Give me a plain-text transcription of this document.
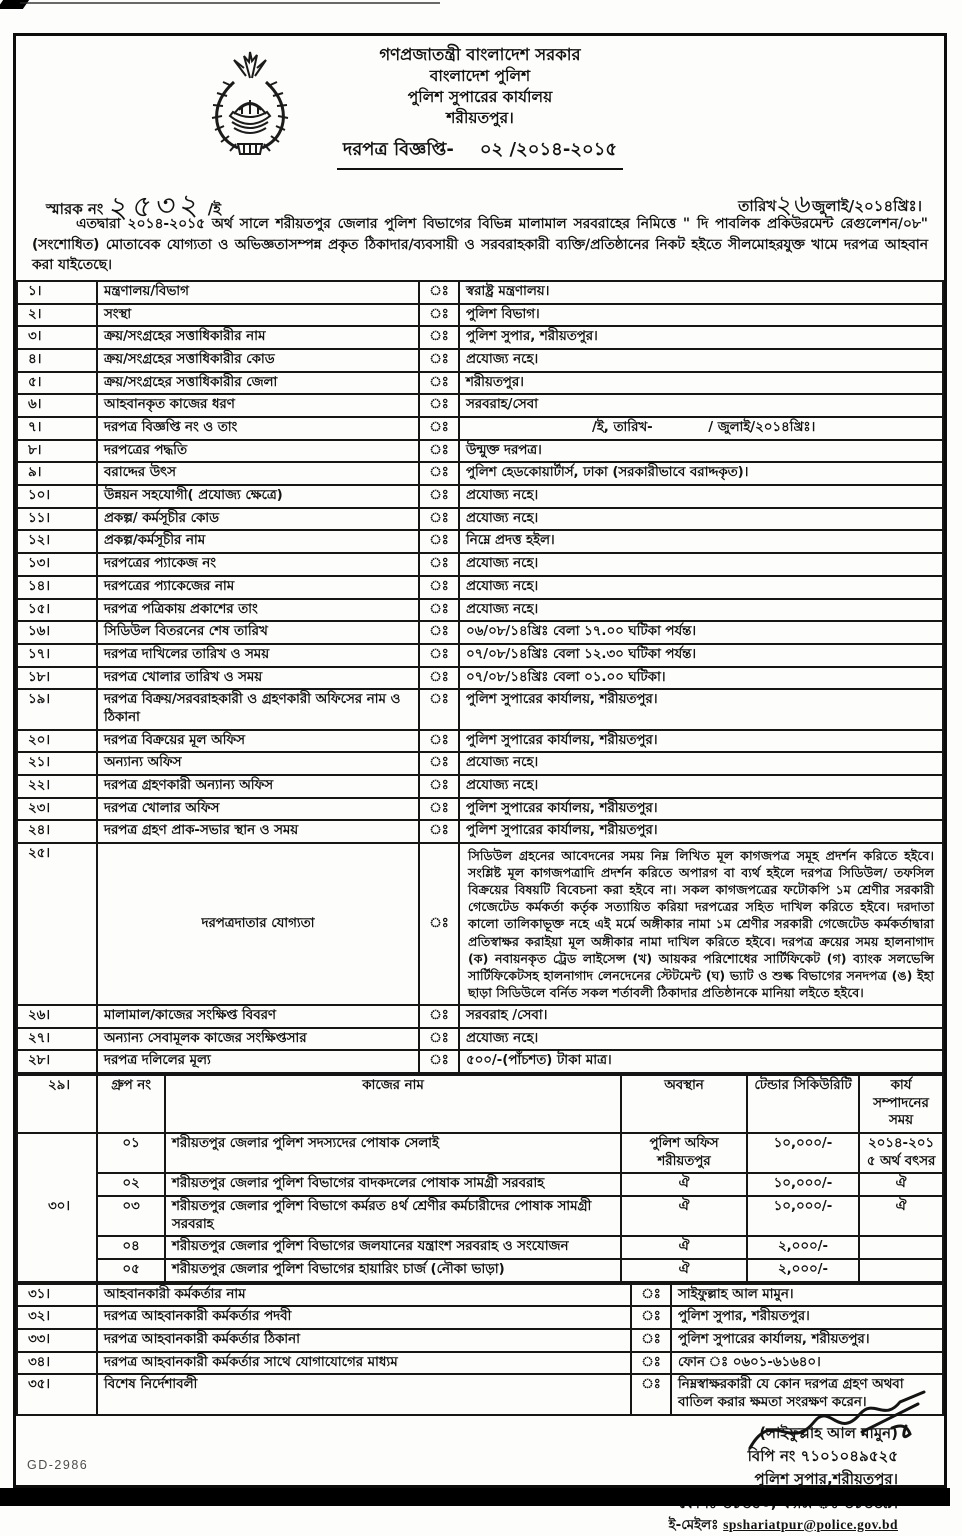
গণপ্রজাতন্ত্রী বাংলাদেশ সরকার
বাংলাদেশ পুলিশ
পুলিশ সুপারের কার্যালয়
শরীয়তপুর।
দরপত্র বিজ্ঞপ্তি- ০২ /২০১৪-২০১৫
স্মারক নং ২৫৩২ /ই	তারিখ২৬জুলাই/২০১৪খ্রিঃ।
এতদ্বারা ২০১৪-২০১৫ অর্থ সালে শরীয়তপুর জেলার পুলিশ বিভাগের বিভিন্ন মালামাল সরবরাহের নিমিত্তে " দি পাবলিক প্রকিউরমেন্ট রেগুলেশন/০৮" (সংশোধিত) মোতাবেক যোগ্যতা ও অভিজ্ঞতাসম্পন্ন প্রকৃত ঠিকাদার/ব্যবসায়ী ও সরবরাহকারী ব্যক্তি/প্রতিষ্ঠানের নিকট হইতে সীলমোহরযুক্ত খামে দরপত্র আহবান করা যাইতেছে।
১।	মন্ত্রণালয়/বিভাগ	ঃ	স্বরাষ্ট্র মন্ত্রণালয়।
২।	সংস্থা	ঃ	পুলিশ বিভাগ।
৩।	ক্রয়/সংগ্রহের সত্তাধিকারীর নাম	ঃ	পুলিশ সুপার, শরীয়তপুর।
৪।	ক্রয়/সংগ্রহের সত্তাধিকারীর কোড	ঃ	প্রযোজ্য নহে।
৫।	ক্রয়/সংগ্রহের সত্তাধিকারীর জেলা	ঃ	শরীয়তপুর।
৬।	আহবানকৃত কাজের ধরণ	ঃ	সরবরাহ/সেবা
৭।	দরপত্র বিজ্ঞপ্তি নং ও তাং	ঃ	/ই, তারিখ-            / জুলাই/২০১৪খ্রিঃ।
৮।	দরপত্রের পদ্ধতি	ঃ	উন্মুক্ত দরপত্র।
৯।	বরাদ্দের উৎস	ঃ	পুলিশ হেডকোয়ার্টার্স, ঢাকা (সরকারীভাবে বরাদ্দকৃত)।
১০।	উন্নয়ন সহযোগী( প্রযোজ্য ক্ষেত্রে)	ঃ	প্রযোজ্য নহে।
১১।	প্রকল্প/ কর্মসূচীর কোড	ঃ	প্রযোজ্য নহে।
১২।	প্রকল্প/কর্মসূচীর নাম	ঃ	নিম্নে প্রদত্ত হইল।
১৩।	দরপত্রের প্যাকেজ নং	ঃ	প্রযোজ্য নহে।
১৪।	দরপত্রের প্যাকেজের নাম	ঃ	প্রযোজ্য নহে।
১৫।	দরপত্র পত্রিকায় প্রকাশের তাং	ঃ	প্রযোজ্য নহে।
১৬।	সিডিউল বিতরনের শেষ তারিখ	ঃ	০৬/০৮/১৪খ্রিঃ বেলা ১৭.০০ ঘটিকা পর্যন্ত।
১৭।	দরপত্র দাখিলের তারিখ ও সময়	ঃ	০৭/০৮/১৪খ্রিঃ বেলা ১২.৩০ ঘটিকা পর্যন্ত।
১৮।	দরপত্র খোলার তারিখ ও সময়	ঃ	০৭/০৮/১৪খ্রিঃ বেলা ০১.০০ ঘটিকা।
১৯।	দরপত্র বিক্রয়/সরবরাহকারী ও গ্রহণকারী অফিসের নাম ও ঠিকানা	ঃ	পুলিশ সুপারের কার্যালয়, শরীয়তপুর।
২০।	দরপত্র বিক্রয়ের মূল অফিস	ঃ	পুলিশ সুপারের কার্যালয়, শরীয়তপুর।
২১।	অন্যান্য অফিস	ঃ	প্রযোজ্য নহে।
২২।	দরপত্র গ্রহণকারী অন্যান্য অফিস	ঃ	প্রযোজ্য নহে।
২৩।	দরপত্র খোলার অফিস	ঃ	পুলিশ সুপারের কার্যালয়, শরীয়তপুর।
২৪।	দরপত্র গ্রহণ প্রাক-সভার স্থান ও সময়	ঃ	পুলিশ সুপারের কার্যালয়, শরীয়তপুর।
২৫।	দরপত্রদাতার যোগ্যতা	ঃ	সিডিউল গ্রহনের আবেদনের সময় নিম্ন লিখিত মূল কাগজপত্র সমূহ প্রদর্শন করিতে হইবে। সংশ্লিষ্ট মূল কাগজপত্রাদি প্রদর্শন করিতে অপারগ বা ব্যর্থ হইলে দরপত্র সিডিউল/ তফসিল বিক্রয়ের বিষয়টি বিবেচনা করা হইবে না। সকল কাগজপত্রের ফটোকপি ১ম শ্রেণীর সরকারী গেজেটেড কর্মকর্তা কর্তৃক সত্যায়িত করিয়া দরপত্রের সহিত দাখিল করিতে হইবে। দরদাতা কালো তালিকাভূক্ত নহে এই মর্মে অঙ্গীকার নামা ১ম শ্রেণীর সরকারী গেজেটেড কর্মকর্তাদ্বারা প্রতিস্বাক্ষর করাইয়া মূল অঙ্গীকার নামা দাখিল করিতে হইবে। দরপত্র ক্রয়ের সময় হালনাগাদ (ক) নবায়নকৃত ট্রেড লাইসেন্স (খ) আয়কর পরিশোধের সার্টিফিকেট (গ) ব্যাংক সলভেন্সি সার্টিফিকেটসহ হালনাগাদ লেনদেনের স্টেটমেন্ট (ঘ) ভ্যাট ও শুল্ক বিভাগের সনদপত্র (ঙ) ইহা ছাড়া সিডিউলে বর্নিত সকল শর্তাবলী ঠিকাদার প্রতিষ্ঠানকে মানিয়া লইতে হইবে।
২৬।	মালামাল/কাজের সংক্ষিপ্ত বিবরণ	ঃ	সরবরাহ /সেবা।
২৭।	অন্যান্য সেবামূলক কাজের সংক্ষিপ্তসার	ঃ	প্রযোজ্য নহে।
২৮।	দরপত্র দলিলের মূল্য	ঃ	৫০০/-(পাঁচশত) টাকা মাত্র।
২৯।	গ্রুপ নং	কাজের নাম	অবস্থান	টেন্ডার সিকিউরিটি	কার্য সম্পাদনের সময়
৩০।	০১	শরীয়তপুর জেলার পুলিশ সদস্যদের পোষাক সেলাই	পুলিশ অফিস শরীয়তপুর	১০,০০০/-	২০১৪-২০১৫ অর্থ বৎসর
	০২	শরীয়তপুর জেলার পুলিশ বিভাগের বাদকদলের পোষাক সামগ্রী সরবরাহ	ঐ	১০,০০০/-	ঐ
	০৩	শরীয়তপুর জেলার পুলিশ বিভাগে কর্মরত ৪র্থ শ্রেণীর কর্মচারীদের পোষাক সামগ্রী সরবরাহ	ঐ	১০,০০০/-	ঐ
	০৪	শরীয়তপুর জেলার পুলিশ বিভাগের জলযানের যন্ত্রাংশ সরবরাহ ও সংযোজন	ঐ	২,০০০/-	
	০৫	শরীয়তপুর জেলার পুলিশ বিভাগের হায়ারিং চার্জ (নৌকা ভাড়া)	ঐ	২,০০০/-	
৩১।	আহবানকারী কর্মকর্তার নাম	ঃ	সাইফুল্লাহ আল মামুন।
৩২।	দরপত্র আহবানকারী কর্মকর্তার পদবী	ঃ	পুলিশ সুপার, শরীয়তপুর।
৩৩।	দরপত্র আহবানকারী কর্মকর্তার ঠিকানা	ঃ	পুলিশ সুপারের কার্যালয়, শরীয়তপুর।
৩৪।	দরপত্র আহবানকারী কর্মকর্তার সাথে যোগাযোগের মাধ্যম	ঃ	ফোন ঃ ০৬০১-৬১৬৪০।
৩৫।	বিশেষ নির্দেশাবলী	ঃ	নিম্নস্বাক্ষরকারী যে কোন দরপত্র গ্রহণ অথবা বাতিল করার ক্ষমতা সংরক্ষণ করেন।
(সাইফুল্লাহ আল মামুন)
বিপি নং ৭১০১০৪৯৫২৫
পুলিশ সুপার,শরীয়তপুর।
ই-মেইলঃ spshariatpur@police.gov.bd
GD-2986
